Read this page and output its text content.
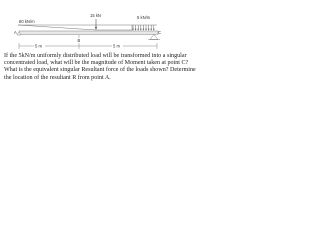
15 kN	5 kN/m
80 kN/m
A	C
B
5 m	5 m

If the 5kN/m uniformly distributed load will be transformed into a singular concentrated load, what will be the magnitude of Moment taken at point C? What is the equivalent singular Resultant force of the loads shown? Determine the location of the resultant R from point A.
